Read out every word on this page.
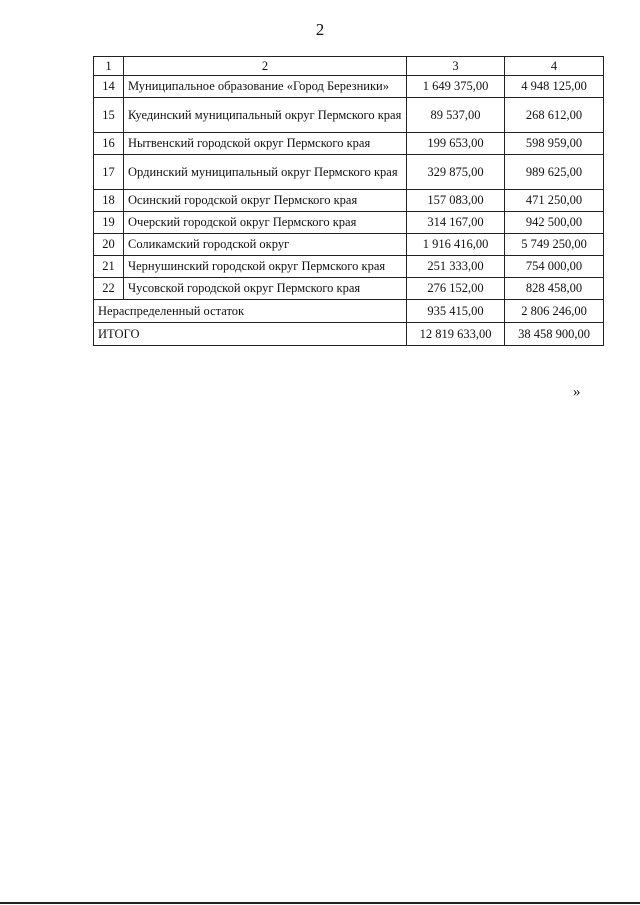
2
1	2	3	4
14	Муниципальное образование «Город Березники»	1 649 375,00	4 948 125,00
15	Куединский муниципальный округ Пермского края	89 537,00	268 612,00
16	Нытвенский городской округ Пермского края	199 653,00	598 959,00
17	Ординский муниципальный округ Пермского края	329 875,00	989 625,00
18	Осинский городской округ Пермского края	157 083,00	471 250,00
19	Очерский городской округ Пермского края	314 167,00	942 500,00
20	Соликамский городской округ	1 916 416,00	5 749 250,00
21	Чернушинский городской округ Пермского края	251 333,00	754 000,00
22	Чусовской городской округ Пермского края	276 152,00	828 458,00
Нераспределенный остаток		935 415,00	2 806 246,00
ИТОГО		12 819 633,00	38 458 900,00
»
